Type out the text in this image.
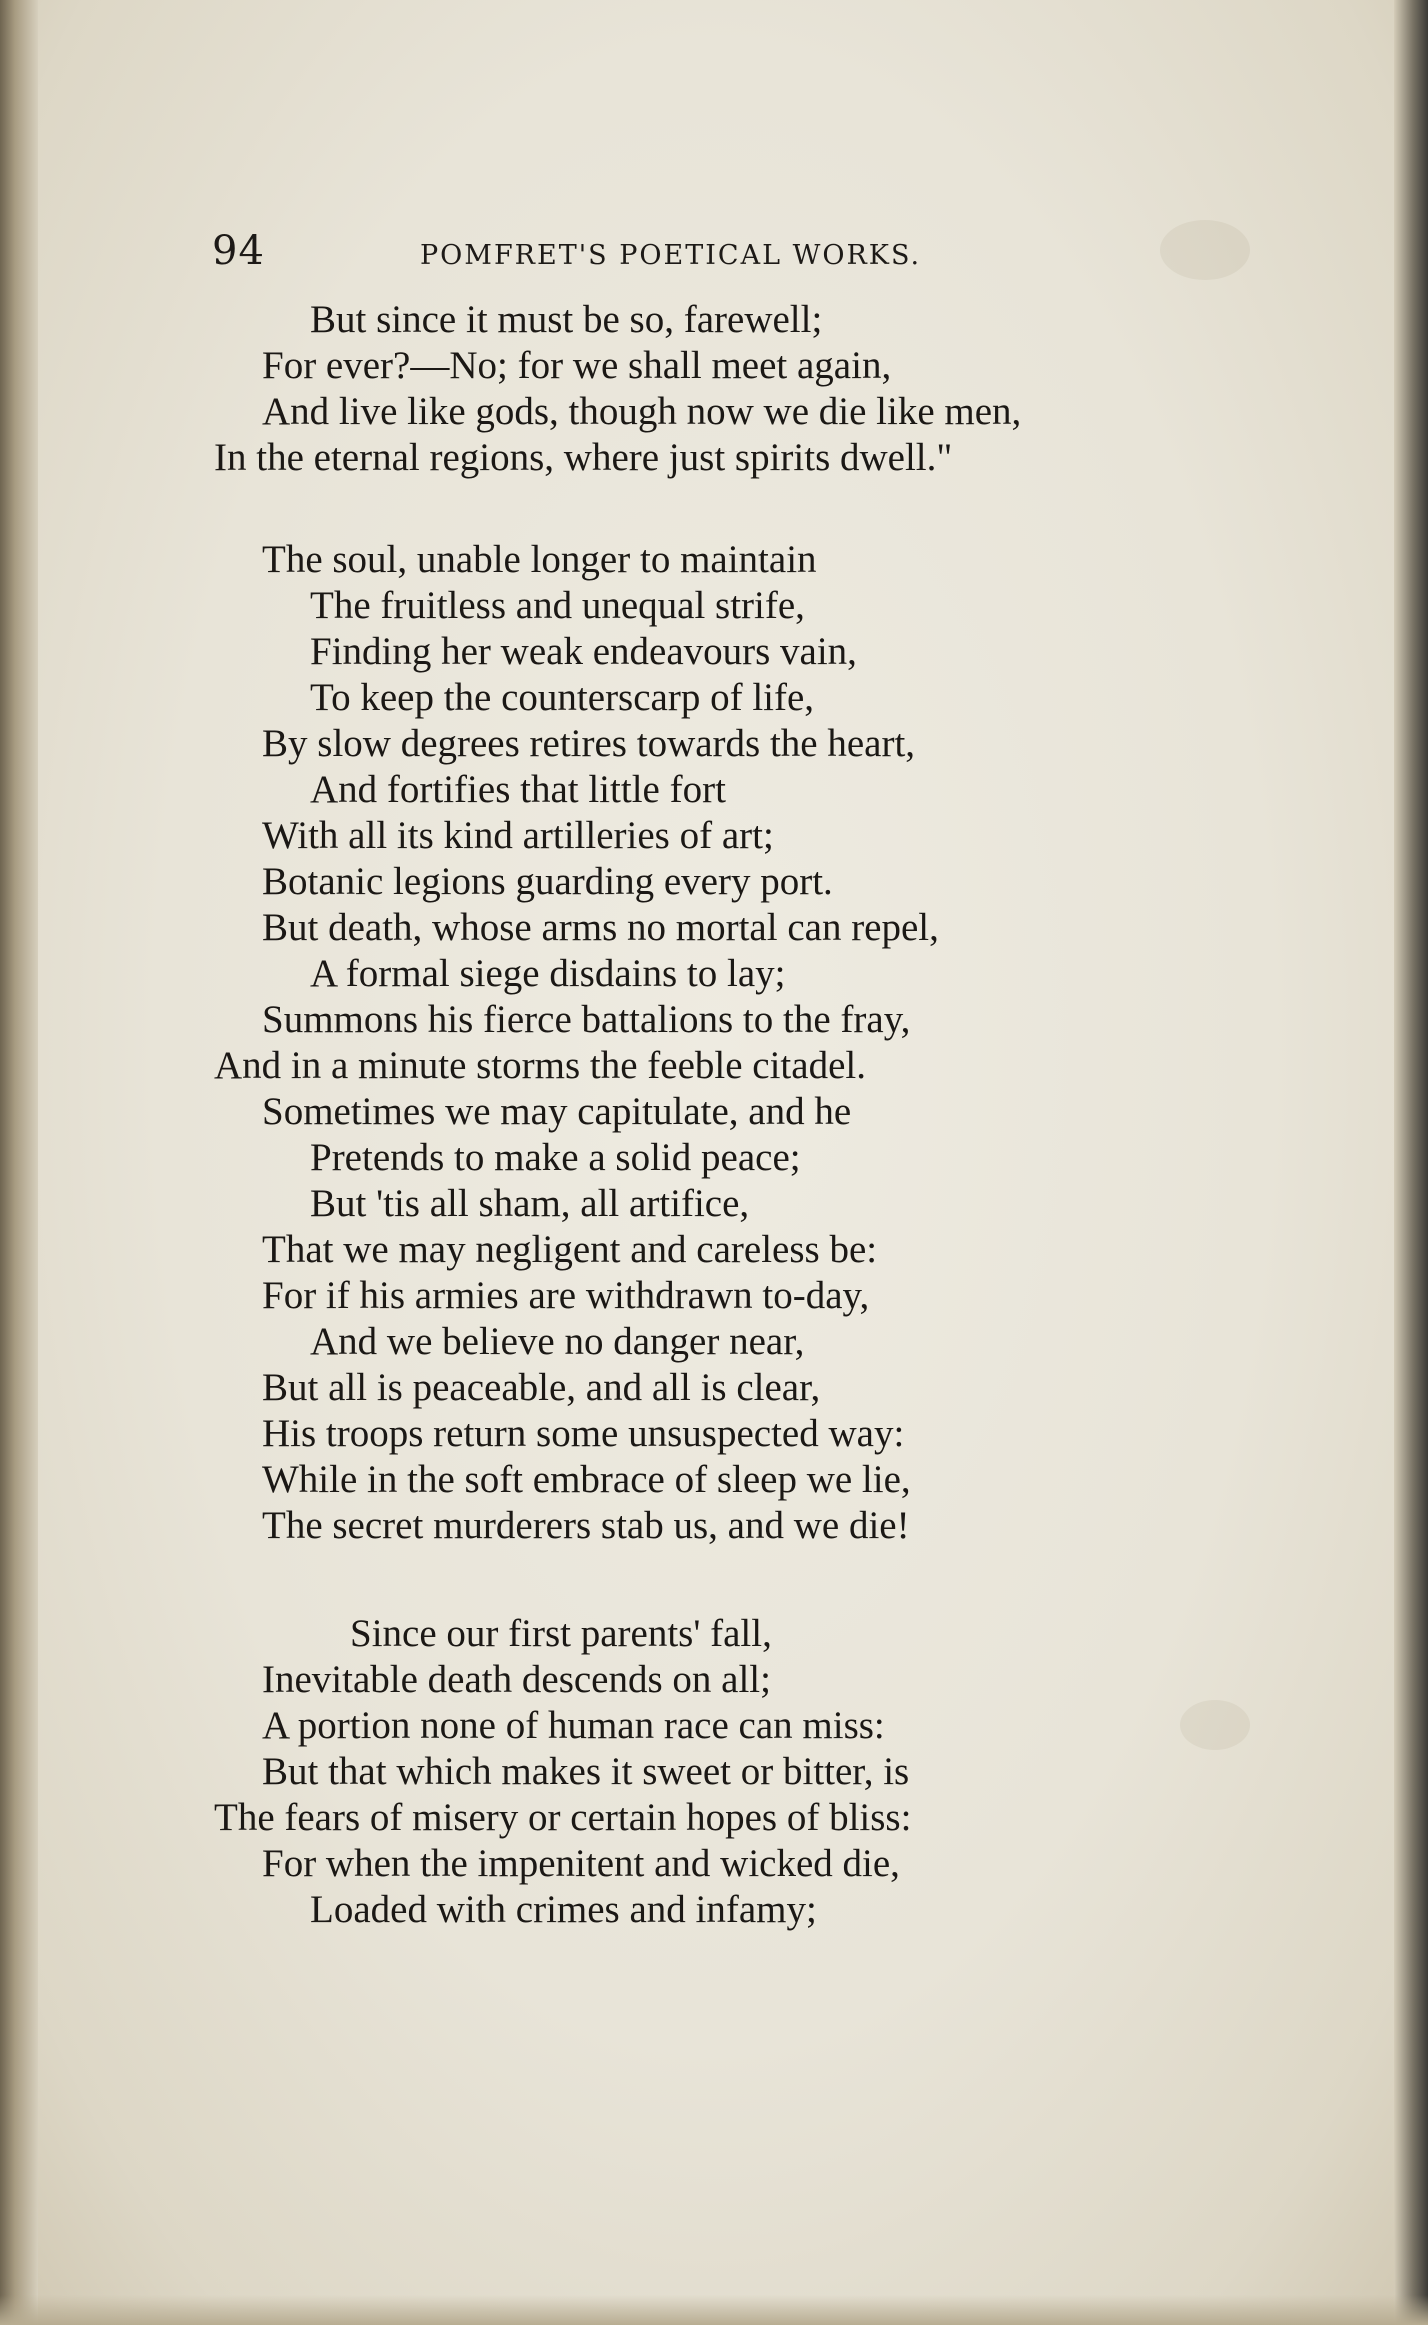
94	POMFRET'S POETICAL WORKS.
But since it must be so, farewell;
For ever?—No; for we shall meet again,
And live like gods, though now we die like men,
In the eternal regions, where just spirits dwell."
The soul, unable longer to maintain
The fruitless and unequal strife,
Finding her weak endeavours vain,
To keep the counterscarp of life,
By slow degrees retires towards the heart,
And fortifies that little fort
With all its kind artilleries of art;
Botanic legions guarding every port.
But death, whose arms no mortal can repel,
A formal siege disdains to lay;
Summons his fierce battalions to the fray,
And in a minute storms the feeble citadel.
Sometimes we may capitulate, and he
Pretends to make a solid peace;
But 'tis all sham, all artifice,
That we may negligent and careless be:
For if his armies are withdrawn to-day,
And we believe no danger near,
But all is peaceable, and all is clear,
His troops return some unsuspected way:
While in the soft embrace of sleep we lie,
The secret murderers stab us, and we die!
Since our first parents' fall,
Inevitable death descends on all;
A portion none of human race can miss:
But that which makes it sweet or bitter, is
The fears of misery or certain hopes of bliss:
For when the impenitent and wicked die,
Loaded with crimes and infamy;
